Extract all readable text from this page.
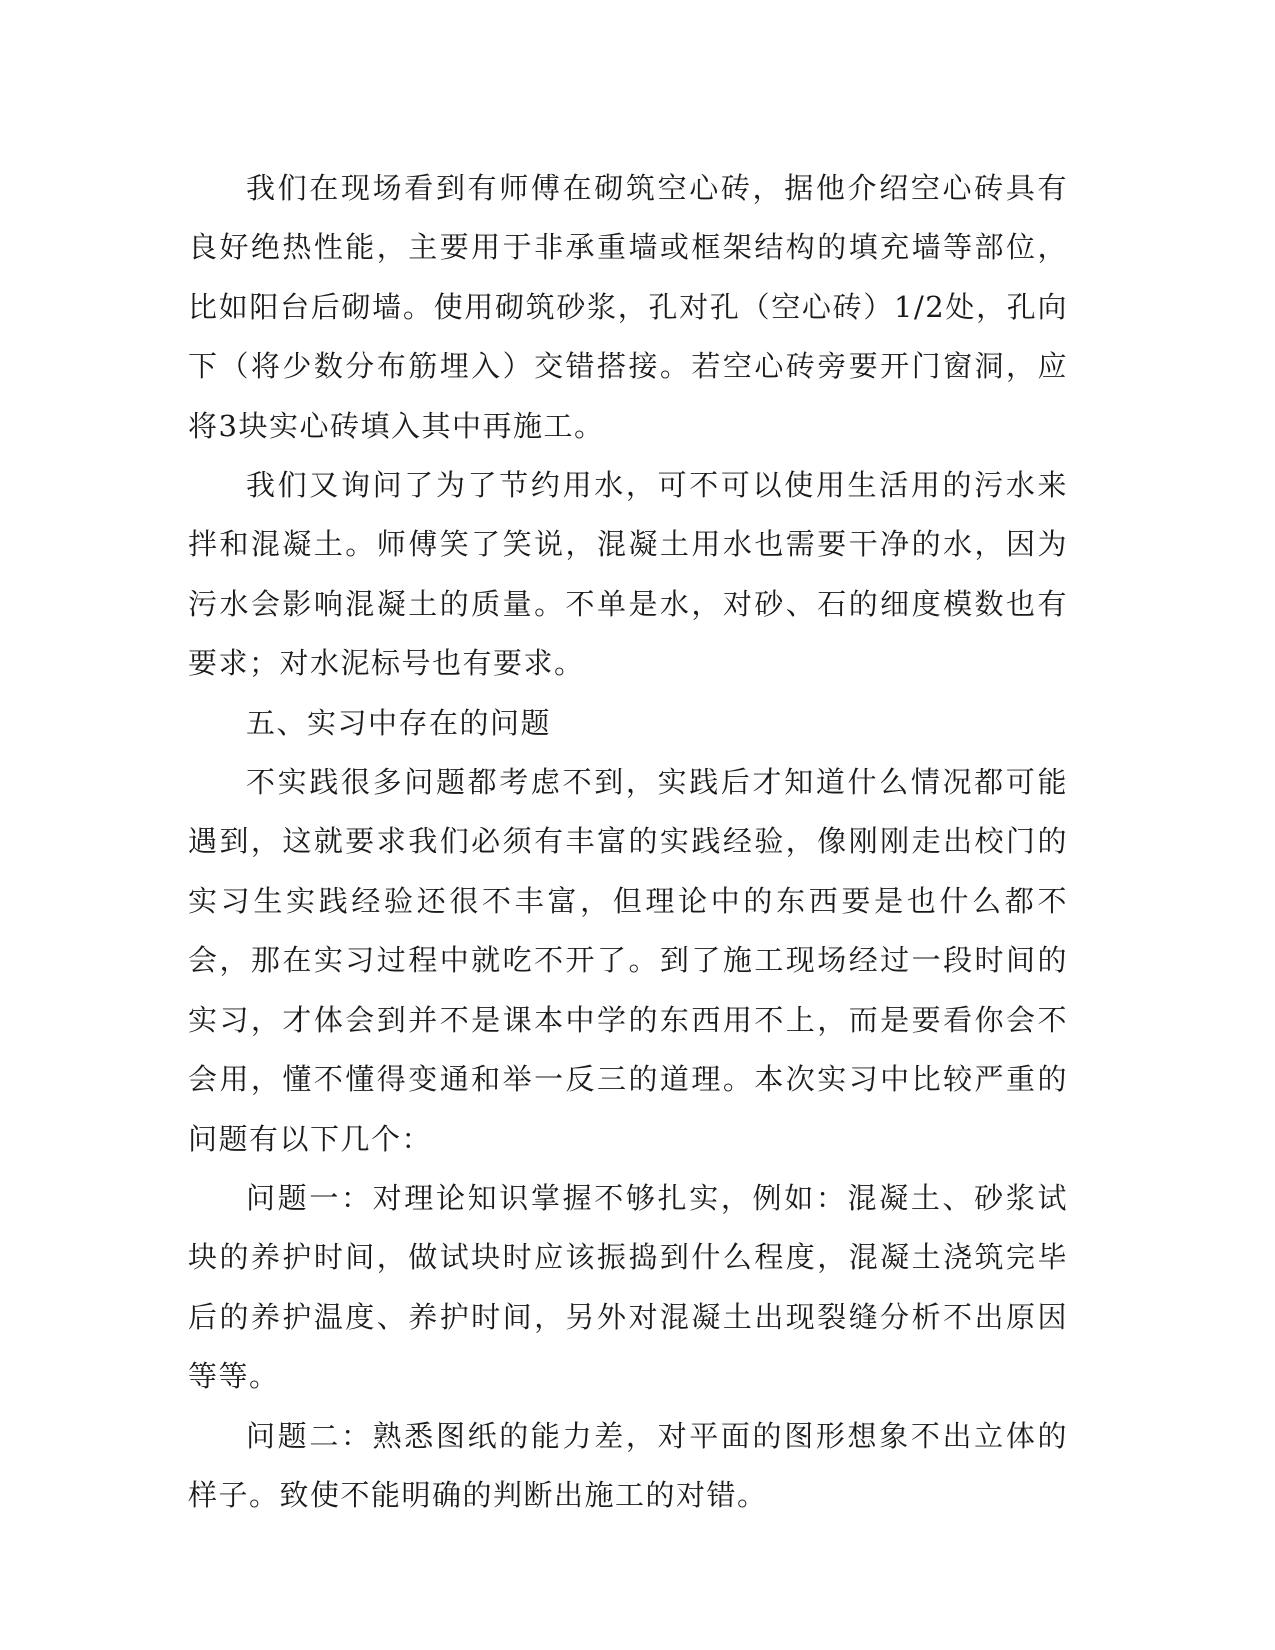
我们在现场看到有师傅在砌筑空心砖，据他介绍空心砖具有良好绝热性能，主要用于非承重墙或框架结构的填充墙等部位，比如阳台后砌墙。使用砌筑砂浆，孔对孔（空心砖）1/2处，孔向下（将少数分布筋埋入）交错搭接。若空心砖旁要开门窗洞，应将3块实心砖填入其中再施工。

我们又询问了为了节约用水，可不可以使用生活用的污水来拌和混凝土。师傅笑了笑说，混凝土用水也需要干净的水，因为污水会影响混凝土的质量。不单是水，对砂、石的细度模数也有要求；对水泥标号也有要求。

五、实习中存在的问题

不实践很多问题都考虑不到，实践后才知道什么情况都可能遇到，这就要求我们必须有丰富的实践经验，像刚刚走出校门的实习生实践经验还很不丰富，但理论中的东西要是也什么都不会，那在实习过程中就吃不开了。到了施工现场经过一段时间的实习，才体会到并不是课本中学的东西用不上，而是要看你会不会用，懂不懂得变通和举一反三的道理。本次实习中比较严重的问题有以下几个：

问题一：对理论知识掌握不够扎实，例如：混凝土、砂浆试块的养护时间，做试块时应该振捣到什么程度，混凝土浇筑完毕后的养护温度、养护时间，另外对混凝土出现裂缝分析不出原因等等。

问题二：熟悉图纸的能力差，对平面的图形想象不出立体的样子。致使不能明确的判断出施工的对错。
